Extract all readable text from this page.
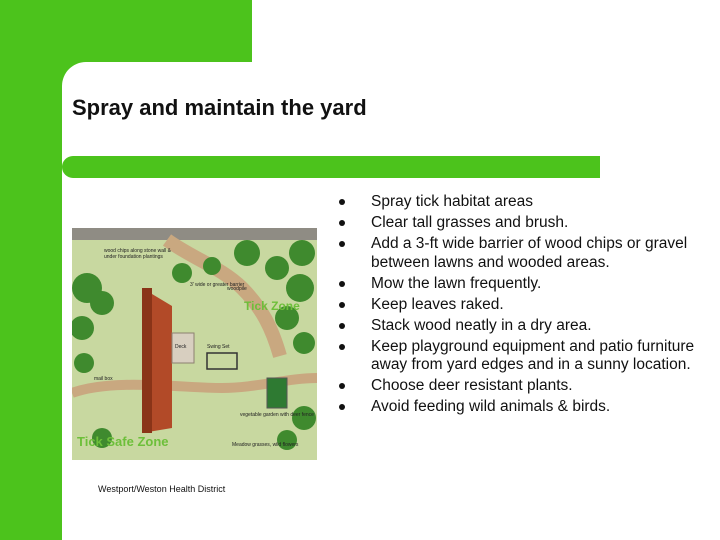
Spray and maintain the yard
wood chips along stone wall &
under foundation plantings
3' wide or greater barrier
woodpile
Tick Zone
Deck	Swing Set
mail box
vegetable garden with deer fence
Meadow grasses, wild flowers
Tick Safe Zone
Westport/Weston Health District
Spray tick habitat areas
Clear tall grasses and brush.
Add a 3-ft wide barrier of wood chips or gravel between lawns and wooded areas.
Mow the lawn frequently.
Keep leaves raked.
Stack wood neatly in a dry area.
Keep playground equipment and patio furniture away from yard edges and in a sunny location.
Choose deer resistant plants.
Avoid feeding wild animals & birds.
